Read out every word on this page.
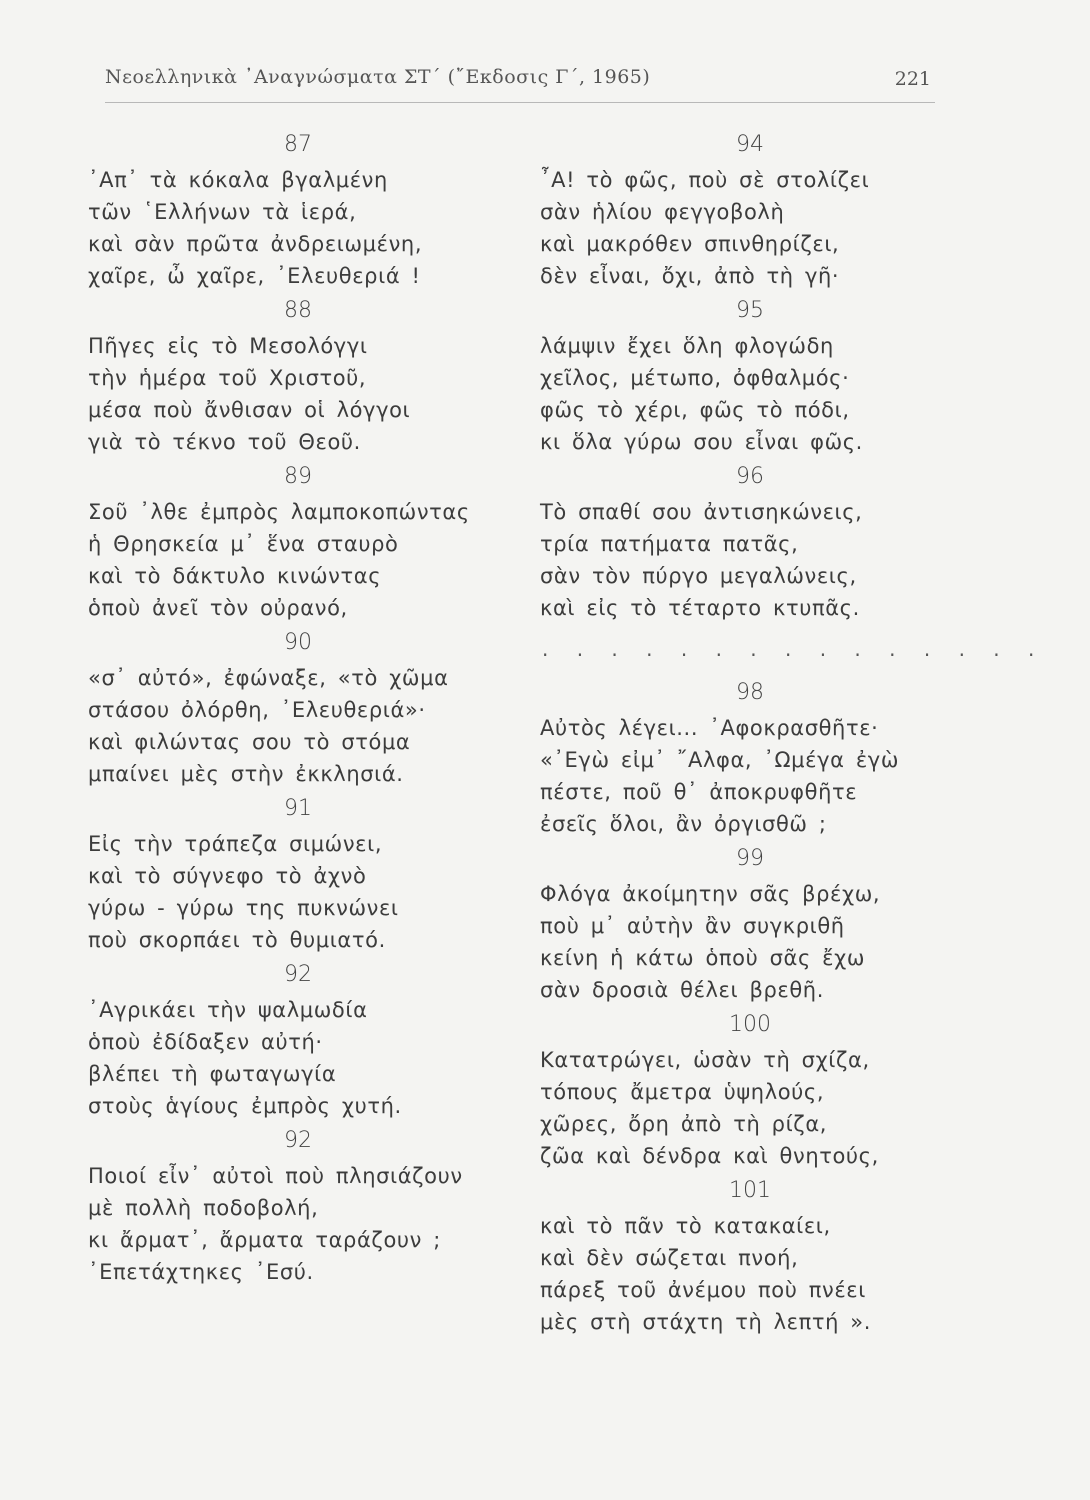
Νεοελληνικὰ ᾿Αναγνώσματα ΣΤ΄ (῎Εκδοσις Γ΄, 1965)	221
87
᾿Απ᾿ τὰ κόκαλα βγαλμένη
τῶν ῾Ελλήνων τὰ ἱερά,
καὶ σὰν πρῶτα ἀνδρειωμένη,
χαῖρε, ὦ χαῖρε, ᾿Ελευθεριά !
88
Πῆγες εἰς τὸ Μεσολόγγι
τὴν ἡμέρα τοῦ Χριστοῦ,
μέσα ποὺ ἄνθισαν οἱ λόγγοι
γιὰ τὸ τέκνο τοῦ Θεοῦ.
89
Σοῦ ᾿λθε ἐμπρὸς λαμποκοπώντας
ἡ Θρησκεία μ᾿ ἕνα σταυρὸ
καὶ τὸ δάκτυλο κινώντας
ὁποὺ ἀνεῖ τὸν οὐρανό,
90
«σ᾿ αὐτό», ἐφώναξε, «τὸ χῶμα
στάσου ὀλόρθη, ᾿Ελευθεριά»·
καὶ φιλώντας σου τὸ στόμα
μπαίνει μὲς στὴν ἐκκλησιά.
91
Εἰς τὴν τράπεζα σιμώνει,
καὶ τὸ σύγνεφο τὸ ἀχνὸ
γύρω - γύρω της πυκνώνει
ποὺ σκορπάει τὸ θυμιατό.
92
᾿Αγρικάει τὴν ψαλμωδία
ὁποὺ ἐδίδαξεν αὐτή·
βλέπει τὴ φωταγωγία
στοὺς ἁγίους ἐμπρὸς χυτή.
92
Ποιοί εἶν᾿ αὐτοὶ ποὺ πλησιάζουν
μὲ πολλὴ ποδοβολή,
κι ἄρματ᾿, ἄρματα ταράζουν ;
᾿Επετάχτηκες ᾿Εσύ.
94
῏Α! τὸ φῶς, ποὺ σὲ στολίζει
σὰν ἡλίου φεγγοβολὴ
καὶ μακρόθεν σπινθηρίζει,
δὲν εἶναι, ὄχι, ἀπὸ τὴ γῆ·
95
λάμψιν ἔχει ὅλη φλογώδη
χεῖλος, μέτωπο, ὀφθαλμός·
φῶς τὸ χέρι, φῶς τὸ πόδι,
κι ὅλα γύρω σου εἶναι φῶς.
96
Τὸ σπαθί σου ἀντισηκώνεις,
τρία πατήματα πατᾶς,
σὰν τὸν πύργο μεγαλώνεις,
καὶ εἰς τὸ τέταρτο κτυπᾶς.
. . . . . . . . . . . . . . .
98
Αὐτὸς λέγει... ᾿Αφοκρασθῆτε·
«᾿Εγὼ εἰμ᾿ ῎Αλφα, ᾿Ωμέγα ἐγὼ
πέστε, ποῦ θ᾿ ἀποκρυφθῆτε
ἐσεῖς ὅλοι, ἂν ὀργισθῶ ;
99
Φλόγα ἀκοίμητην σᾶς βρέχω,
ποὺ μ᾿ αὐτὴν ἂν συγκριθῆ
κείνη ἡ κάτω ὁποὺ σᾶς ἔχω
σὰν δροσιὰ θέλει βρεθῆ.
100
Κατατρώγει, ὡσὰν τὴ σχίζα,
τόπους ἄμετρα ὑψηλούς,
χῶρες, ὄρη ἀπὸ τὴ ρίζα,
ζῶα καὶ δένδρα καὶ θνητούς,
101
καὶ τὸ πᾶν τὸ κατακαίει,
καὶ δὲν σώζεται πνοή,
πάρεξ τοῦ ἀνέμου ποὺ πνέει
μὲς στὴ στάχτη τὴ λεπτή ».
